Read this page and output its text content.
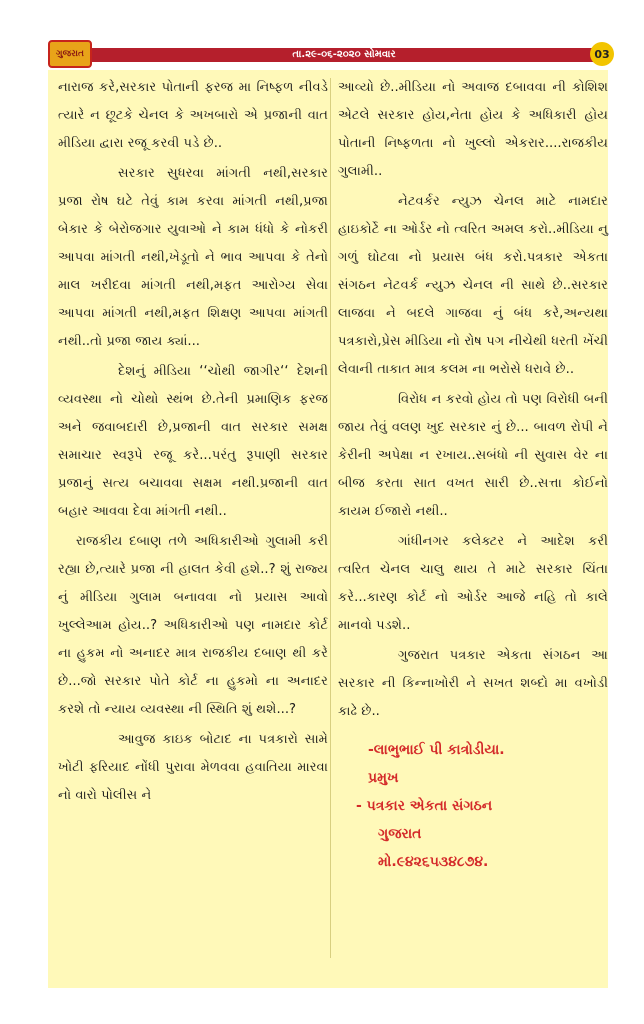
ગુજરાત	તા.૨૯-૦૬-૨૦૨૦ સોમવાર	03

નારાજ કરે,સરકાર પોતાની ફરજ મા નિષ્ફળ નીવડે ત્યારે ન છૂટકે ચેનલ કે અખબારો એ પ્રજાની વાત મીડિયા દ્વારા રજૂ કરવી પડે છે..

સરકાર સુધરવા માંગતી નથી,સરકાર પ્રજા રોષ ઘટે તેવું કામ કરવા માંગતી નથી,પ્રજા બેકાર કે બેરોજગાર યુવાઓ ને કામ ધંધો કે નોકરી આપવા માંગતી નથી,ખેડૂતો ને ભાવ આપવા કે તેનો માલ ખરીદવા માંગતી નથી,મફત આરોગ્ય સેવા આપવા માંગતી નથી,મફત શિક્ષણ આપવા માંગતી નથી..તો પ્રજા જાય ક્યાં...

દેશનું મીડિયા ‘‘ચોથી જાગીર‘‘ દેશની વ્યવસ્થા નો ચોથો સ્થંભ છે.તેની પ્રમાણિક ફરજ અને જવાબદારી છે,પ્રજાની વાત સરકાર સમક્ષ સમાચાર સ્વરૂપે રજૂ કરે...પરંતુ રૂપાણી સરકાર પ્રજાનું સત્ય બચાવવા સક્ષમ નથી.પ્રજાની વાત બહાર આવવા દેવા માંગતી નથી..

રાજકીય દબાણ તળે અધિકારીઓ ગુલામી કરી રહ્યા છે,ત્યારે પ્રજા ની હાલત કેવી હશે..? શું રાજ્ય નું મીડિયા ગુલામ બનાવવા નો પ્રયાસ આવો ખુલ્લેઆમ હોય..? અધિકારીઓ પણ નામદાર કોર્ટ ના હુકમ નો અનાદર માત્ર રાજકીય દબાણ થી કરે છે...જો સરકાર પોતે કોર્ટ ના હુકમો ના અનાદર કરશે તો ન્યાય વ્યવસ્થા ની સ્થિતિ શું થશે...?

આવુજ કાઇક બોટાદ ના પત્રકારો સામે ખોટી ફરિયાદ નોંધી પુરાવા મેળવવા હવાતિયા મારવા નો વારો પોલીસ ને

આવ્યો છે..મીડિયા નો અવાજ દબાવવા ની કોશિશ એટલે સરકાર હોય,નેતા હોય કે અધિકારી હોય પોતાની નિષ્ફળતા નો ખુલ્લો એકરાર....રાજકીય ગુલામી..

નેટવર્કર ન્યુઝ ચેનલ માટે નામદાર હાઇકોર્ટે ના ઓર્ડર નો ત્વરિત અમલ કરો..મીડિયા નુ ગળું ઘોટવા નો પ્રયાસ બંધ કરો.પત્રકાર એકતા સંગઠન નેટવર્ક ન્યુઝ ચેનલ ની સાથે છે..સરકાર લાજવા ને બદલે ગાજવા નું બંધ કરે,અન્યથા પત્રકારો,પ્રેસ મીડિયા નો રોષ પગ નીચેથી ધરતી ખેંચી લેવાની તાકાત માત્ર કલમ ના ભરોસે ધરાવે છે..

વિરોધ ન કરવો હોય તો પણ વિરોધી બની જાય તેવું વલણ ખુદ સરકાર નું છે... બાવળ રોપી ને કેરીની અપેક્ષા ન રખાય..સબંધો ની સુવાસ વેર ના બીજ કરતા સાત વખત સારી છે..સત્તા કોઈનો કાયમ ઈજારો નથી..

ગાંધીનગર કલેક્ટર ને આદેશ કરી ત્વરિત ચેનલ ચાલુ થાય તે માટે સરકાર ચિંતા કરે...કારણ કોર્ટ નો ઓર્ડર આજે નહિ તો કાલે માનવો પડશે..

ગુજરાત પત્રકાર એકતા સંગઠન આ સરકાર ની કિન્નાખોરી ને સખત શબ્દો મા વખોડી કાઢે છે..

-લાભુભાઈ પી કાત્રોડીયા.
પ્રમુખ
- પત્રકાર એકતા સંગઠન
ગુજરાત
મો.૯૪૨૬૫૩૪૮૭૪.
